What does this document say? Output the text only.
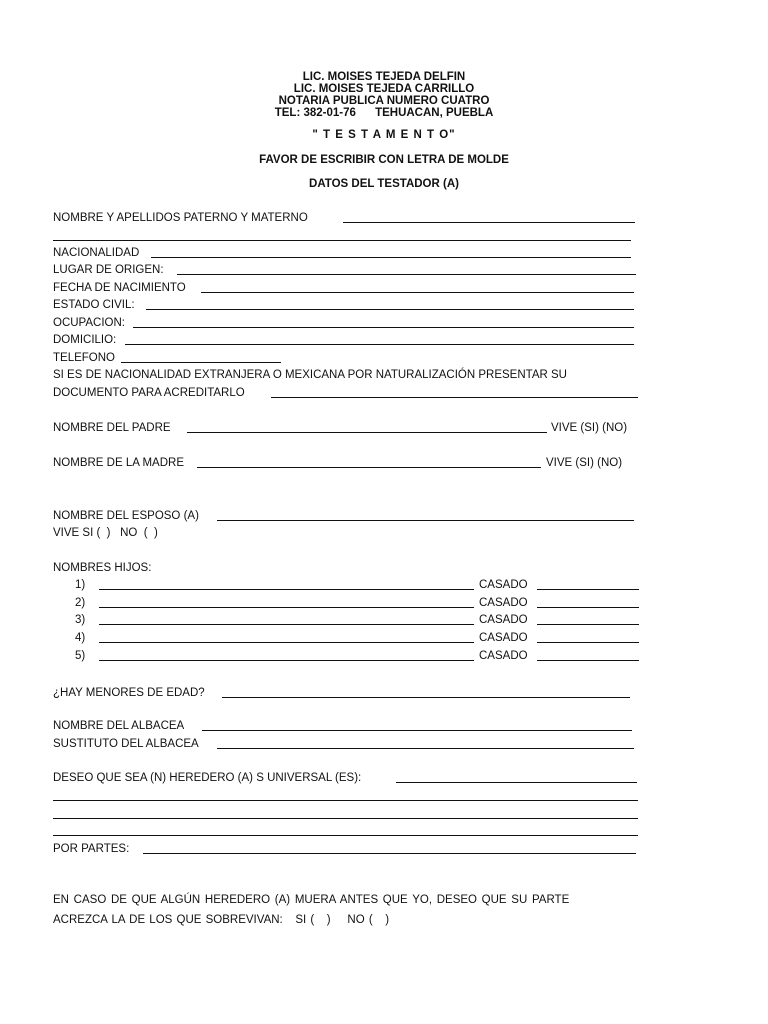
LIC. MOISES TEJEDA DELFIN
LIC. MOISES TEJEDA CARRILLO
NOTARIA PUBLICA NUMERO CUATRO
TEL: 382-01-76      TEHUACAN, PUEBLA
" T E S T A M E N T O"
FAVOR DE ESCRIBIR CON LETRA DE MOLDE
DATOS DEL TESTADOR (A)
NOMBRE Y APELLIDOS PATERNO Y MATERNO
NACIONALIDAD
LUGAR DE ORIGEN:
FECHA DE NACIMIENTO
ESTADO CIVIL:
OCUPACION:
DOMICILIO:
TELEFONO
SI ES DE NACIONALIDAD EXTRANJERA O MEXICANA POR NATURALIZACIÓN PRESENTAR SU
DOCUMENTO PARA ACREDITARLO
NOMBRE DEL PADRE	VIVE (SI) (NO)
NOMBRE DE LA MADRE	VIVE (SI) (NO)
NOMBRE DEL ESPOSO (A)
VIVE SI (  )   NO  (  )
NOMBRES HIJOS:
1)	CASADO
2)	CASADO
3)	CASADO
4)	CASADO
5)	CASADO
¿HAY MENORES DE EDAD?
NOMBRE DEL ALBACEA
SUSTITUTO DEL ALBACEA
DESEO QUE SEA (N) HEREDERO (A) S UNIVERSAL (ES):
POR PARTES:
EN CASO DE QUE ALGÚN HEREDERO (A) MUERA ANTES QUE YO, DESEO QUE SU PARTE
ACREZCA LA DE LOS QUE SOBREVIVAN:   SI (   )    NO (   )
